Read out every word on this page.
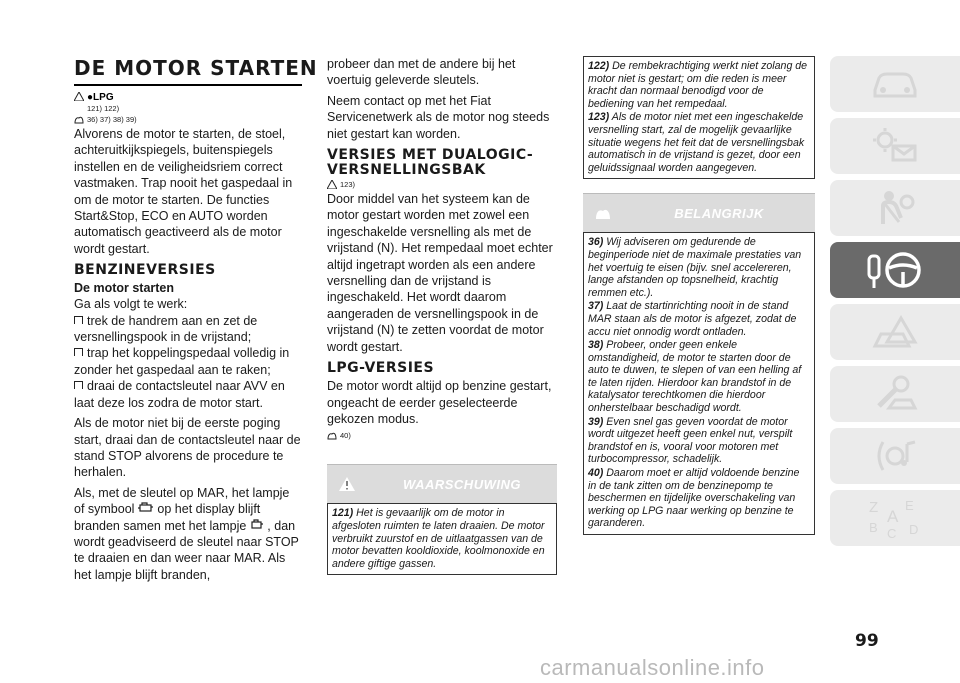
DE MOTOR STARTEN
●LPG
121) 122)
36) 37) 38) 39)

Alvorens de motor te starten, de stoel, achteruitkijkspiegels, buitenspiegels instellen en de veiligheidsriem correct vastmaken. Trap nooit het gaspedaal in om de motor te starten. De functies Start&Stop, ECO en AUTO worden automatisch geactiveerd als de motor wordt gestart.

BENZINEVERSIES
De motor starten

Ga als volgt te werk:

trek de handrem aan en zet de versnellingspook in de vrijstand;

trap het koppelingspedaal volledig in zonder het gaspedaal aan te raken;

draai de contactsleutel naar AVV en laat deze los zodra de motor start.

Als de motor niet bij de eerste poging start, draai dan de contactsleutel naar de stand STOP alvorens de procedure te herhalen.

Als, met de sleutel op MAR, het lampje of symbool op het display blijft branden samen met het lampje , dan wordt geadviseerd de sleutel naar STOP te draaien en dan weer naar MAR. Als het lampje blijft branden,

probeer dan met de andere bij het voertuig geleverde sleutels.

Neem contact op met het Fiat Servicenetwerk als de motor nog steeds niet gestart kan worden.

VERSIES MET DUALOGIC-VERSNELLINGSBAK
123)

Door middel van het systeem kan de motor gestart worden met zowel een ingeschakelde versnelling als met de vrijstand (N). Het rempedaal moet echter altijd ingetrapt worden als een andere versnelling dan de vrijstand is ingeschakeld. Het wordt daarom aangeraden de versnellingspook in de vrijstand (N) te zetten voordat de motor wordt gestart.

LPG-VERSIES

De motor wordt altijd op benzine gestart, ongeacht de eerder geselecteerde gekozen modus.

40)
WAARSCHUWING

121) Het is gevaarlijk om de motor in afgesloten ruimten te laten draaien. De motor verbruikt zuurstof en de uitlaatgassen van de motor bevatten kooldioxide, koolmonoxide en andere giftige gassen.

122) De rembekrachtiging werkt niet zolang de motor niet is gestart; om die reden is meer kracht dan normaal benodigd voor de bediening van het rempedaal.

123) Als de motor niet met een ingeschakelde versnelling start, zal de mogelijk gevaarlijke situatie wegens het feit dat de versnellingsbak automatisch in de vrijstand is gezet, door een geluidssignaal worden aangegeven.

BELANGRIJK

36) Wij adviseren om gedurende de beginperiode niet de maximale prestaties van het voertuig te eisen (bijv. snel accelereren, lange afstanden op topsnelheid, krachtig remmen etc.).

37) Laat de startinrichting nooit in de stand MAR staan als de motor is afgezet, zodat de accu niet onnodig wordt ontladen.

38) Probeer, onder geen enkele omstandigheid, de motor te starten door de auto te duwen, te slepen of van een helling af te laten rijden. Hierdoor kan brandstof in de katalysator terechtkomen die hierdoor onherstelbaar beschadigd wordt.

39) Even snel gas geven voordat de motor wordt uitgezet heeft geen enkel nut, verspilt brandstof en is, vooral voor motoren met turbocompressor, schadelijk.

40) Daarom moet er altijd voldoende benzine in de tank zitten om de benzinepomp te beschermen en tijdelijke overschakeling van werking op LPG naar werking op benzine te garanderen.

Z E
A
B C D
99
carmanualsonline.info
